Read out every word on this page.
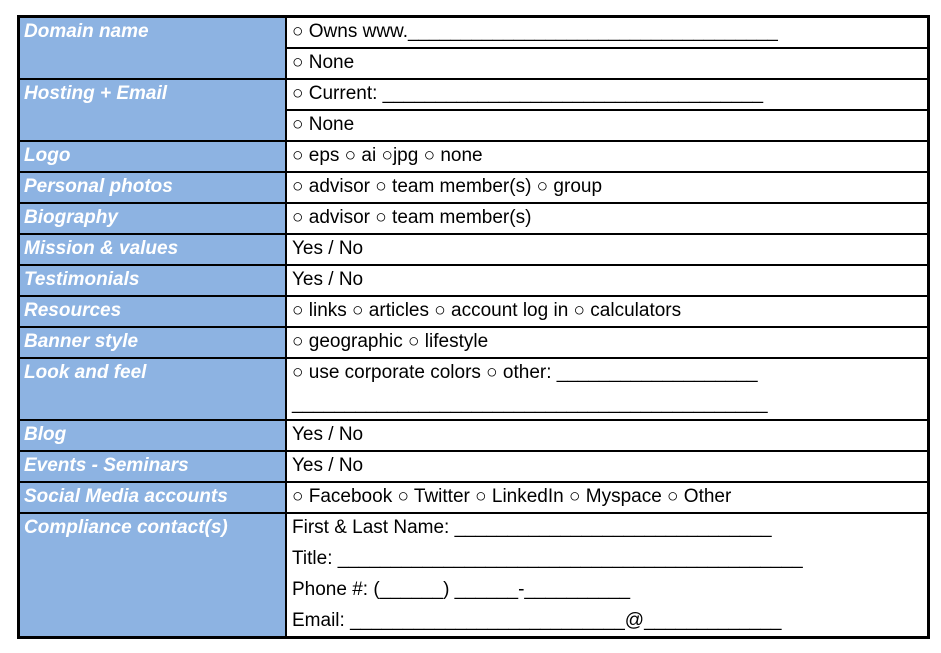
Domain name	○ Owns www.___________________________________
	○ None
Hosting + Email	○ Current: ____________________________________
	○ None
Logo	○ eps ○ ai ○jpg ○ none
Personal photos	○ advisor ○ team member(s) ○ group
Biography	○ advisor ○ team member(s)
Mission & values	Yes / No
Testimonials	Yes / No
Resources	○ links ○ articles ○ account log in ○ calculators
Banner style	○ geographic ○ lifestyle
Look and feel	○ use corporate colors ○ other: ___________________
_____________________________________________

Blog	Yes / No
Events - Seminars	Yes / No
Social Media accounts	○ Facebook ○ Twitter ○ LinkedIn ○ Myspace ○ Other
Compliance contact(s)	First & Last Name: ______________________________
Title: ____________________________________________
Phone #: (______) ______-__________
Email: __________________________@_____________
